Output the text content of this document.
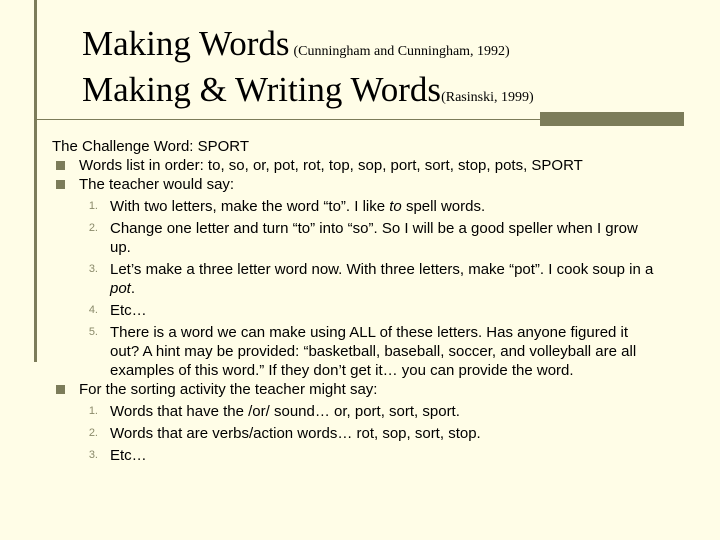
Making Words (Cunningham and Cunningham, 1992)
Making & Writing Words(Rasinski, 1999)
The Challenge Word: SPORT
Words list in order: to, so, or, pot, rot, top, sop, port, sort, stop, pots, SPORT
The teacher would say:
1. With two letters, make the word “to”. I like to spell words.
2. Change one letter and turn “to” into “so”. So I will be a good speller when I grow up.
3. Let’s make a three letter word now. With three letters, make “pot”. I cook soup in a pot.
4. Etc…
5. There is a word we can make using ALL of these letters. Has anyone figured it out? A hint may be provided: “basketball, baseball, soccer, and volleyball are all examples of this word.” If they don’t get it… you can provide the word.
For the sorting activity the teacher might say:
1. Words that have the /or/ sound… or, port, sort, sport.
2. Words that are verbs/action words… rot, sop, sort, stop.
3. Etc…
